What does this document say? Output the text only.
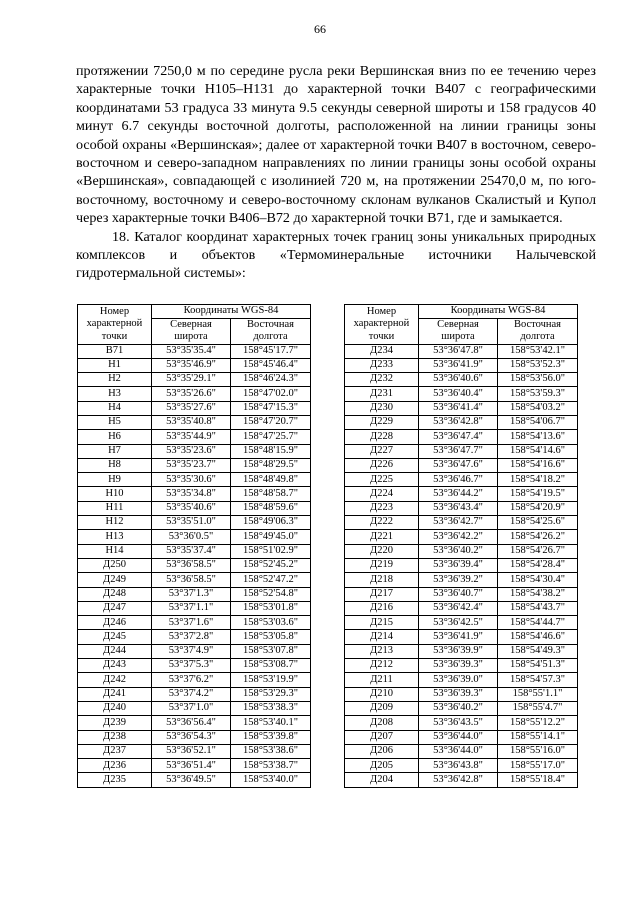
66

протяжении 7250,0 м по середине русла реки Вершинская вниз по ее течению через характерные точки Н105–Н131 до характерной точки В407 с географическими координатами 53 градуса 33 минута 9.5 секунды северной широты и 158 градусов 40 минут 6.7 секунды восточной долготы, расположенной на линии границы зоны особой охраны «Вершинская»; далее от характерной точки В407 в восточном, северо-восточном и северо-западном направлениях по линии границы зоны особой охраны «Вершинская», совпадающей с изолинией 720 м, на протяжении 25470,0 м, по юго-восточному, восточному и северо-восточному склонам вулканов Скалистый и Купол через характерные точки В406–В72 до характерной точки В71, где и замыкается.

18. Каталог координат характерных точек границ зоны уникальных природных комплексов и объектов «Термоминеральные источники Налычевской гидротермальной системы»:

Номер характерной точки	Координаты WGS-84	

	Северная широта	Восточная долгота

В71	53°35'35.4"	158°45'17.7"
Н1	53°35'46.9"	158°45'46.4"
Н2	53°35'29.1"	158°46'24.3"
Н3	53°35'26.6"	158°47'02.0"
Н4	53°35'27.6"	158°47'15.3"
Н5	53°35'40.8"	158°47'20.7"
Н6	53°35'44.9"	158°47'25.7"
Н7	53°35'23.6"	158°48'15.9"
Н8	53°35'23.7"	158°48'29.5"
Н9	53°35'30.6"	158°48'49.8"
Н10	53°35'34.8"	158°48'58.7"
Н11	53°35'40.6"	158°48'59.6"
Н12	53°35'51.0"	158°49'06.3"
Н13	53°36'0.5"	158°49'45.0"
Н14	53°35'37.4"	158°51'02.9"
Д250	53°36'58.5"	158°52'45.2"
Д249	53°36'58.5"	158°52'47.2"
Д248	53°37'1.3"	158°52'54.8"
Д247	53°37'1.1"	158°53'01.8"
Д246	53°37'1.6"	158°53'03.6"
Д245	53°37'2.8"	158°53'05.8"
Д244	53°37'4.9"	158°53'07.8"
Д243	53°37'5.3"	158°53'08.7"
Д242	53°37'6.2"	158°53'19.9"
Д241	53°37'4.2"	158°53'29.3"
Д240	53°37'1.0"	158°53'38.3"
Д239	53°36'56.4"	158°53'40.1"
Д238	53°36'54.3"	158°53'39.8"
Д237	53°36'52.1"	158°53'38.6"
Д236	53°36'51.4"	158°53'38.7"
Д235	53°36'49.5"	158°53'40.0"
Номер характерной точки	Координаты WGS-84	

	Северная широта	Восточная долгота

Д234	53°36'47.8"	158°53'42.1"
Д233	53°36'41.9"	158°53'52.3"
Д232	53°36'40.6"	158°53'56.0"
Д231	53°36'40.4"	158°53'59.3"
Д230	53°36'41.4"	158°54'03.2"
Д229	53°36'42.8"	158°54'06.7"
Д228	53°36'47.4"	158°54'13.6"
Д227	53°36'47.7"	158°54'14.6"
Д226	53°36'47.6"	158°54'16.6"
Д225	53°36'46.7"	158°54'18.2"
Д224	53°36'44.2"	158°54'19.5"
Д223	53°36'43.4"	158°54'20.9"
Д222	53°36'42.7"	158°54'25.6"
Д221	53°36'42.2"	158°54'26.2"
Д220	53°36'40.2"	158°54'26.7"
Д219	53°36'39.4"	158°54'28.4"
Д218	53°36'39.2"	158°54'30.4"
Д217	53°36'40.7"	158°54'38.2"
Д216	53°36'42.4"	158°54'43.7"
Д215	53°36'42.5"	158°54'44.7"
Д214	53°36'41.9"	158°54'46.6"
Д213	53°36'39.9"	158°54'49.3"
Д212	53°36'39.3"	158°54'51.3"
Д211	53°36'39.0"	158°54'57.3"
Д210	53°36'39.3"	158°55'1.1"
Д209	53°36'40.2"	158°55'4.7"
Д208	53°36'43.5"	158°55'12.2"
Д207	53°36'44.0"	158°55'14.1"
Д206	53°36'44.0"	158°55'16.0"
Д205	53°36'43.8"	158°55'17.0"
Д204	53°36'42.8"	158°55'18.4"
